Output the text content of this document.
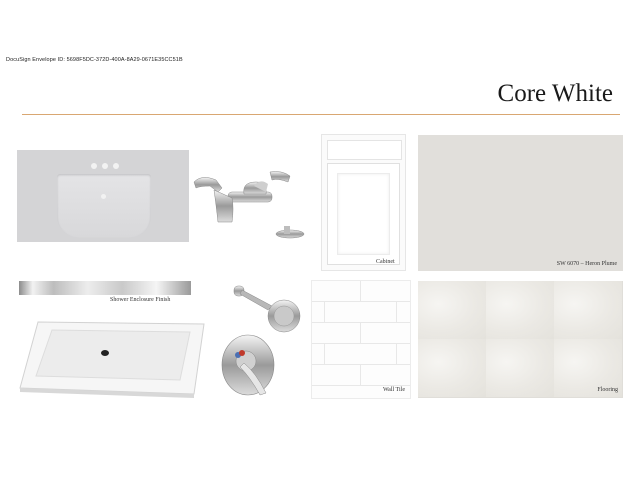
DocuSign Envelope ID: 5698F5DC-372D-400A-8A29-0671E35CC51B
Core White
Cabinet	SW 6070 – Heron Plume
Shower Enclosure Finish
Wall Tile	Flooring
